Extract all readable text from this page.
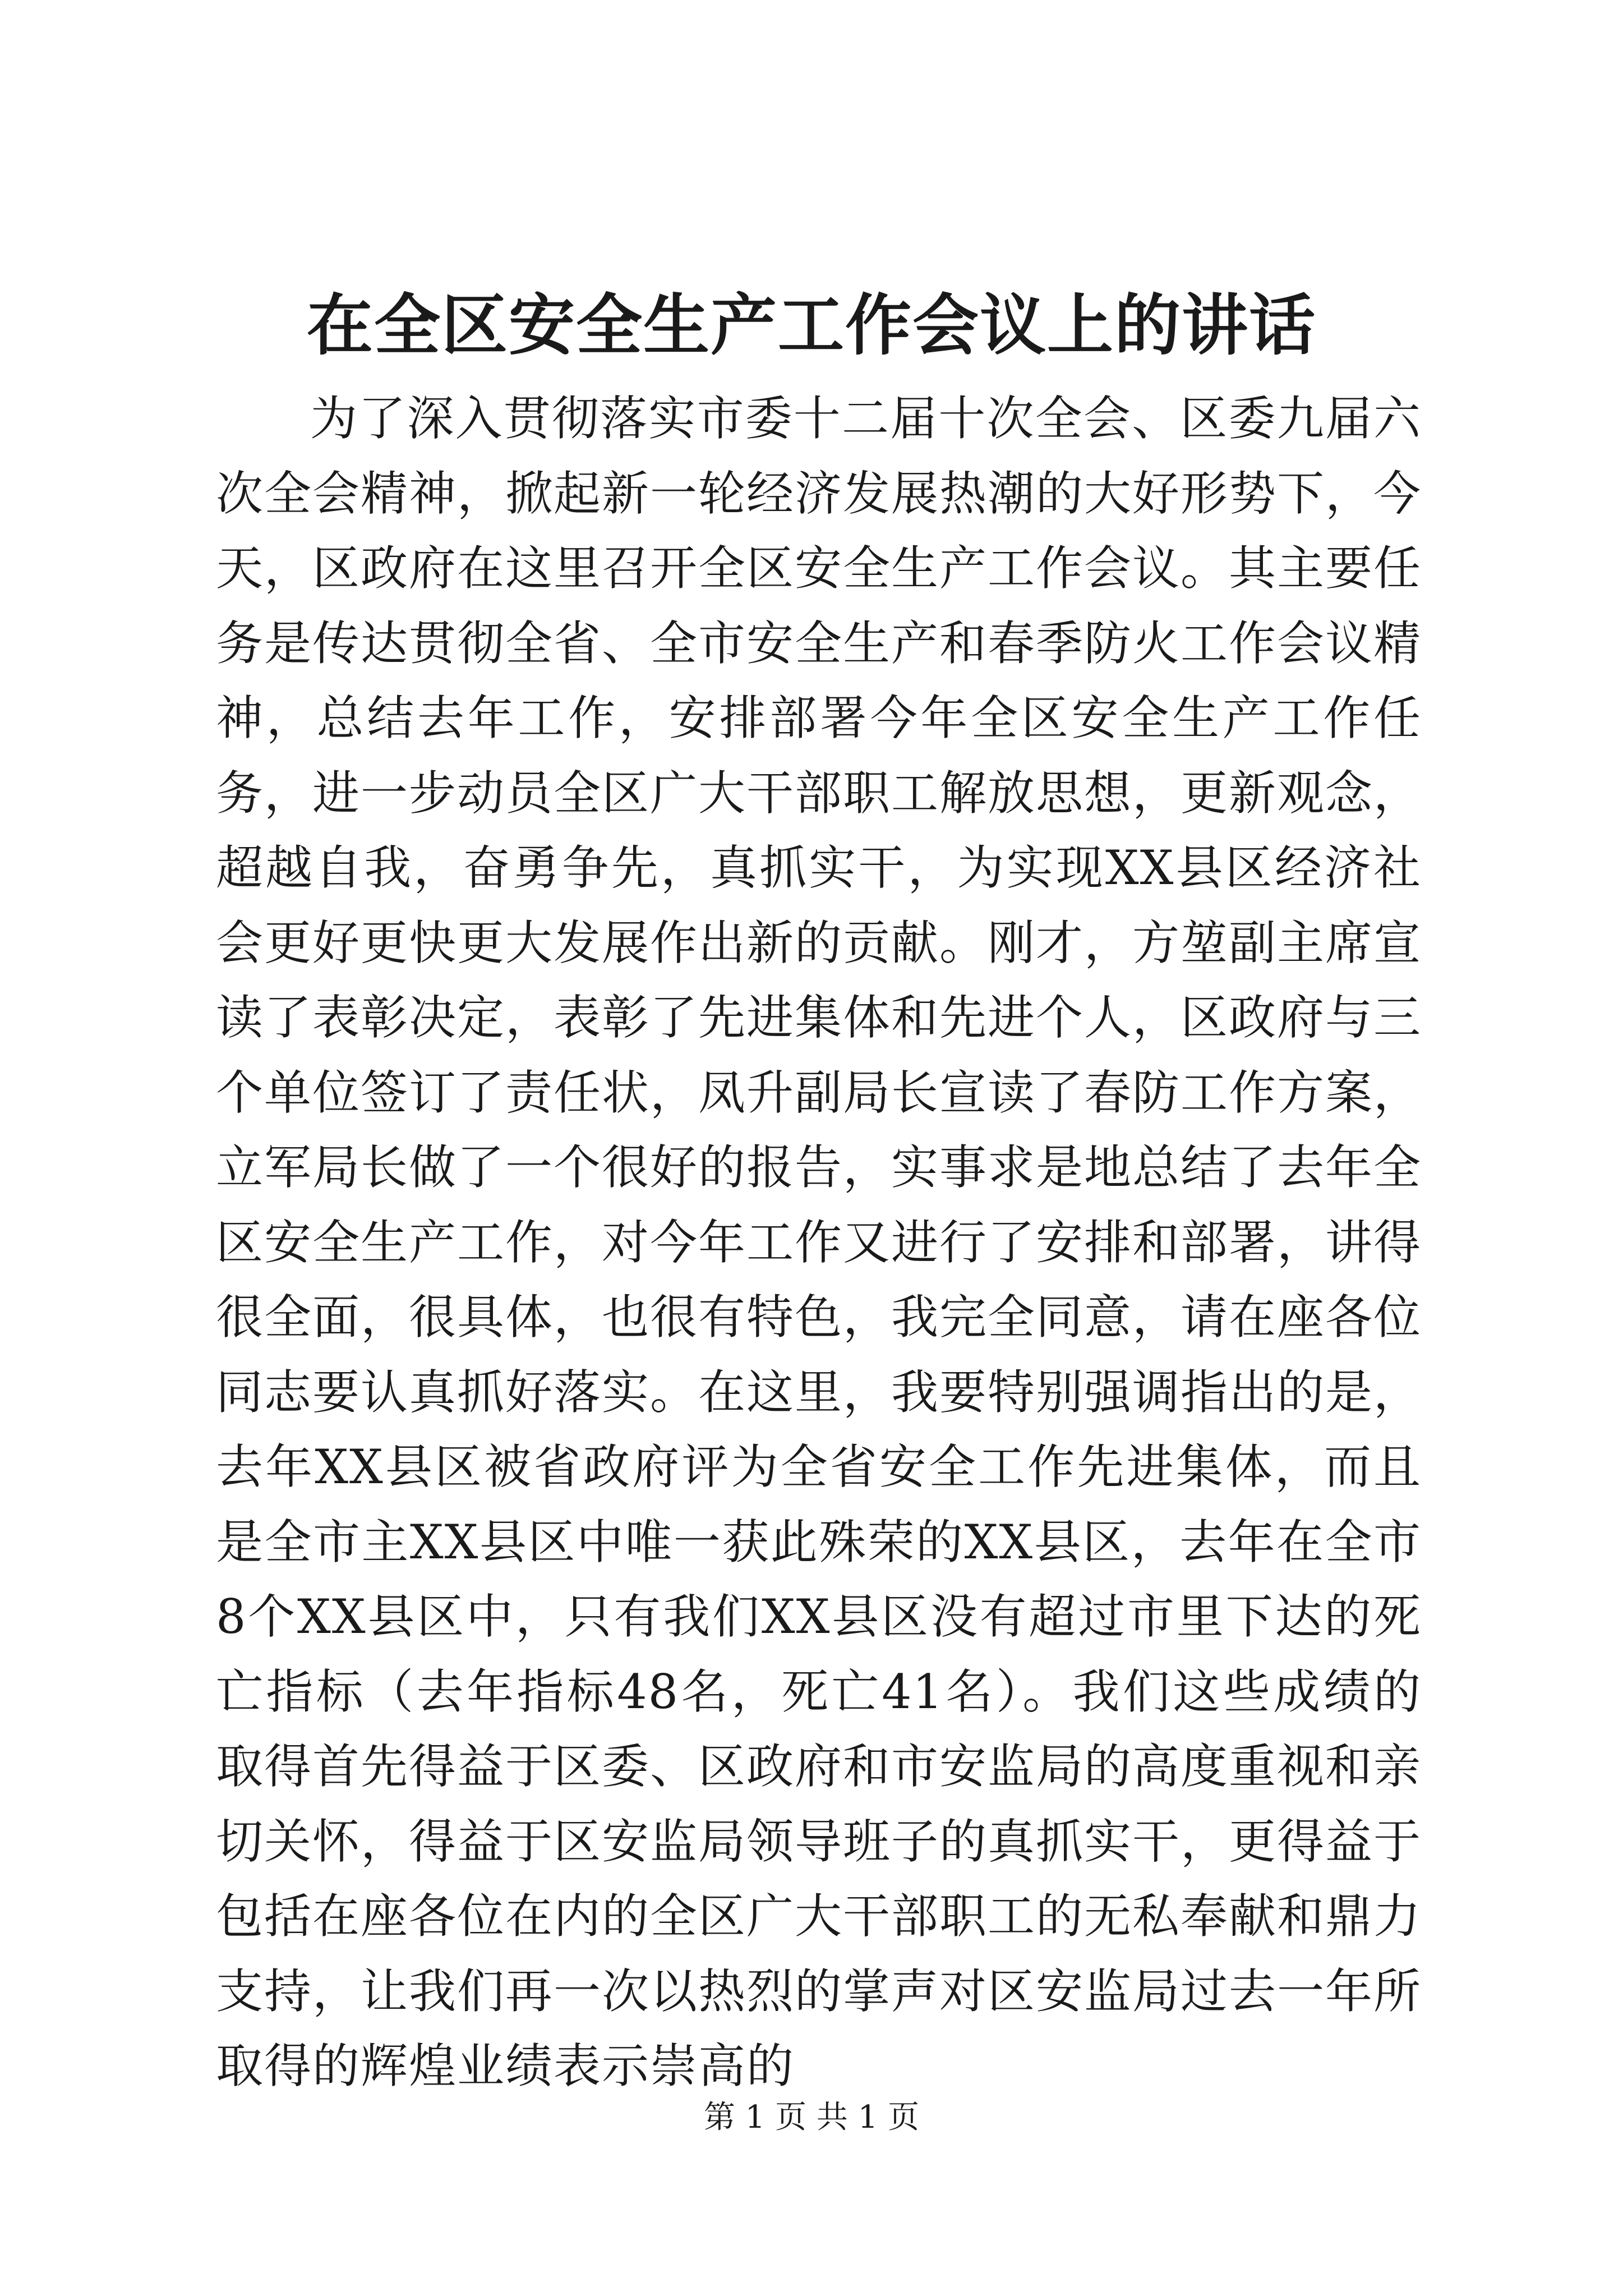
在全区安全生产工作会议上的讲话

为了深入贯彻落实市委十二届十次全会、区委九届六次全会精神，掀起新一轮经济发展热潮的大好形势下，今天，区政府在这里召开全区安全生产工作会议。其主要任务是传达贯彻全省、全市安全生产和春季防火工作会议精神，总结去年工作，安排部署今年全区安全生产工作任务，进一步动员全区广大干部职工解放思想，更新观念，超越自我，奋勇争先，真抓实干，为实现XX县区经济社会更好更快更大发展作出新的贡献。刚才，方堃副主席宣读了表彰决定，表彰了先进集体和先进个人，区政府与三个单位签订了责任状，凤升副局长宣读了春防工作方案，立军局长做了一个很好的报告，实事求是地总结了去年全区安全生产工作，对今年工作又进行了安排和部署，讲得很全面，很具体，也很有特色，我完全同意，请在座各位同志要认真抓好落实。在这里，我要特别强调指出的是，去年XX县区被省政府评为全省安全工作先进集体，而且是全市主XX县区中唯一获此殊荣的XX县区，去年在全市8个XX县区中，只有我们XX县区没有超过市里下达的死亡指标（去年指标48名，死亡41名）。我们这些成绩的取得首先得益于区委、区政府和市安监局的高度重视和亲切关怀，得益于区安监局领导班子的真抓实干，更得益于包括在座各位在内的全区广大干部职工的无私奉献和鼎力支持，让我们再一次以热烈的掌声对区安监局过去一年所取得的辉煌业绩表示崇高的

第 1 页 共 1 页
